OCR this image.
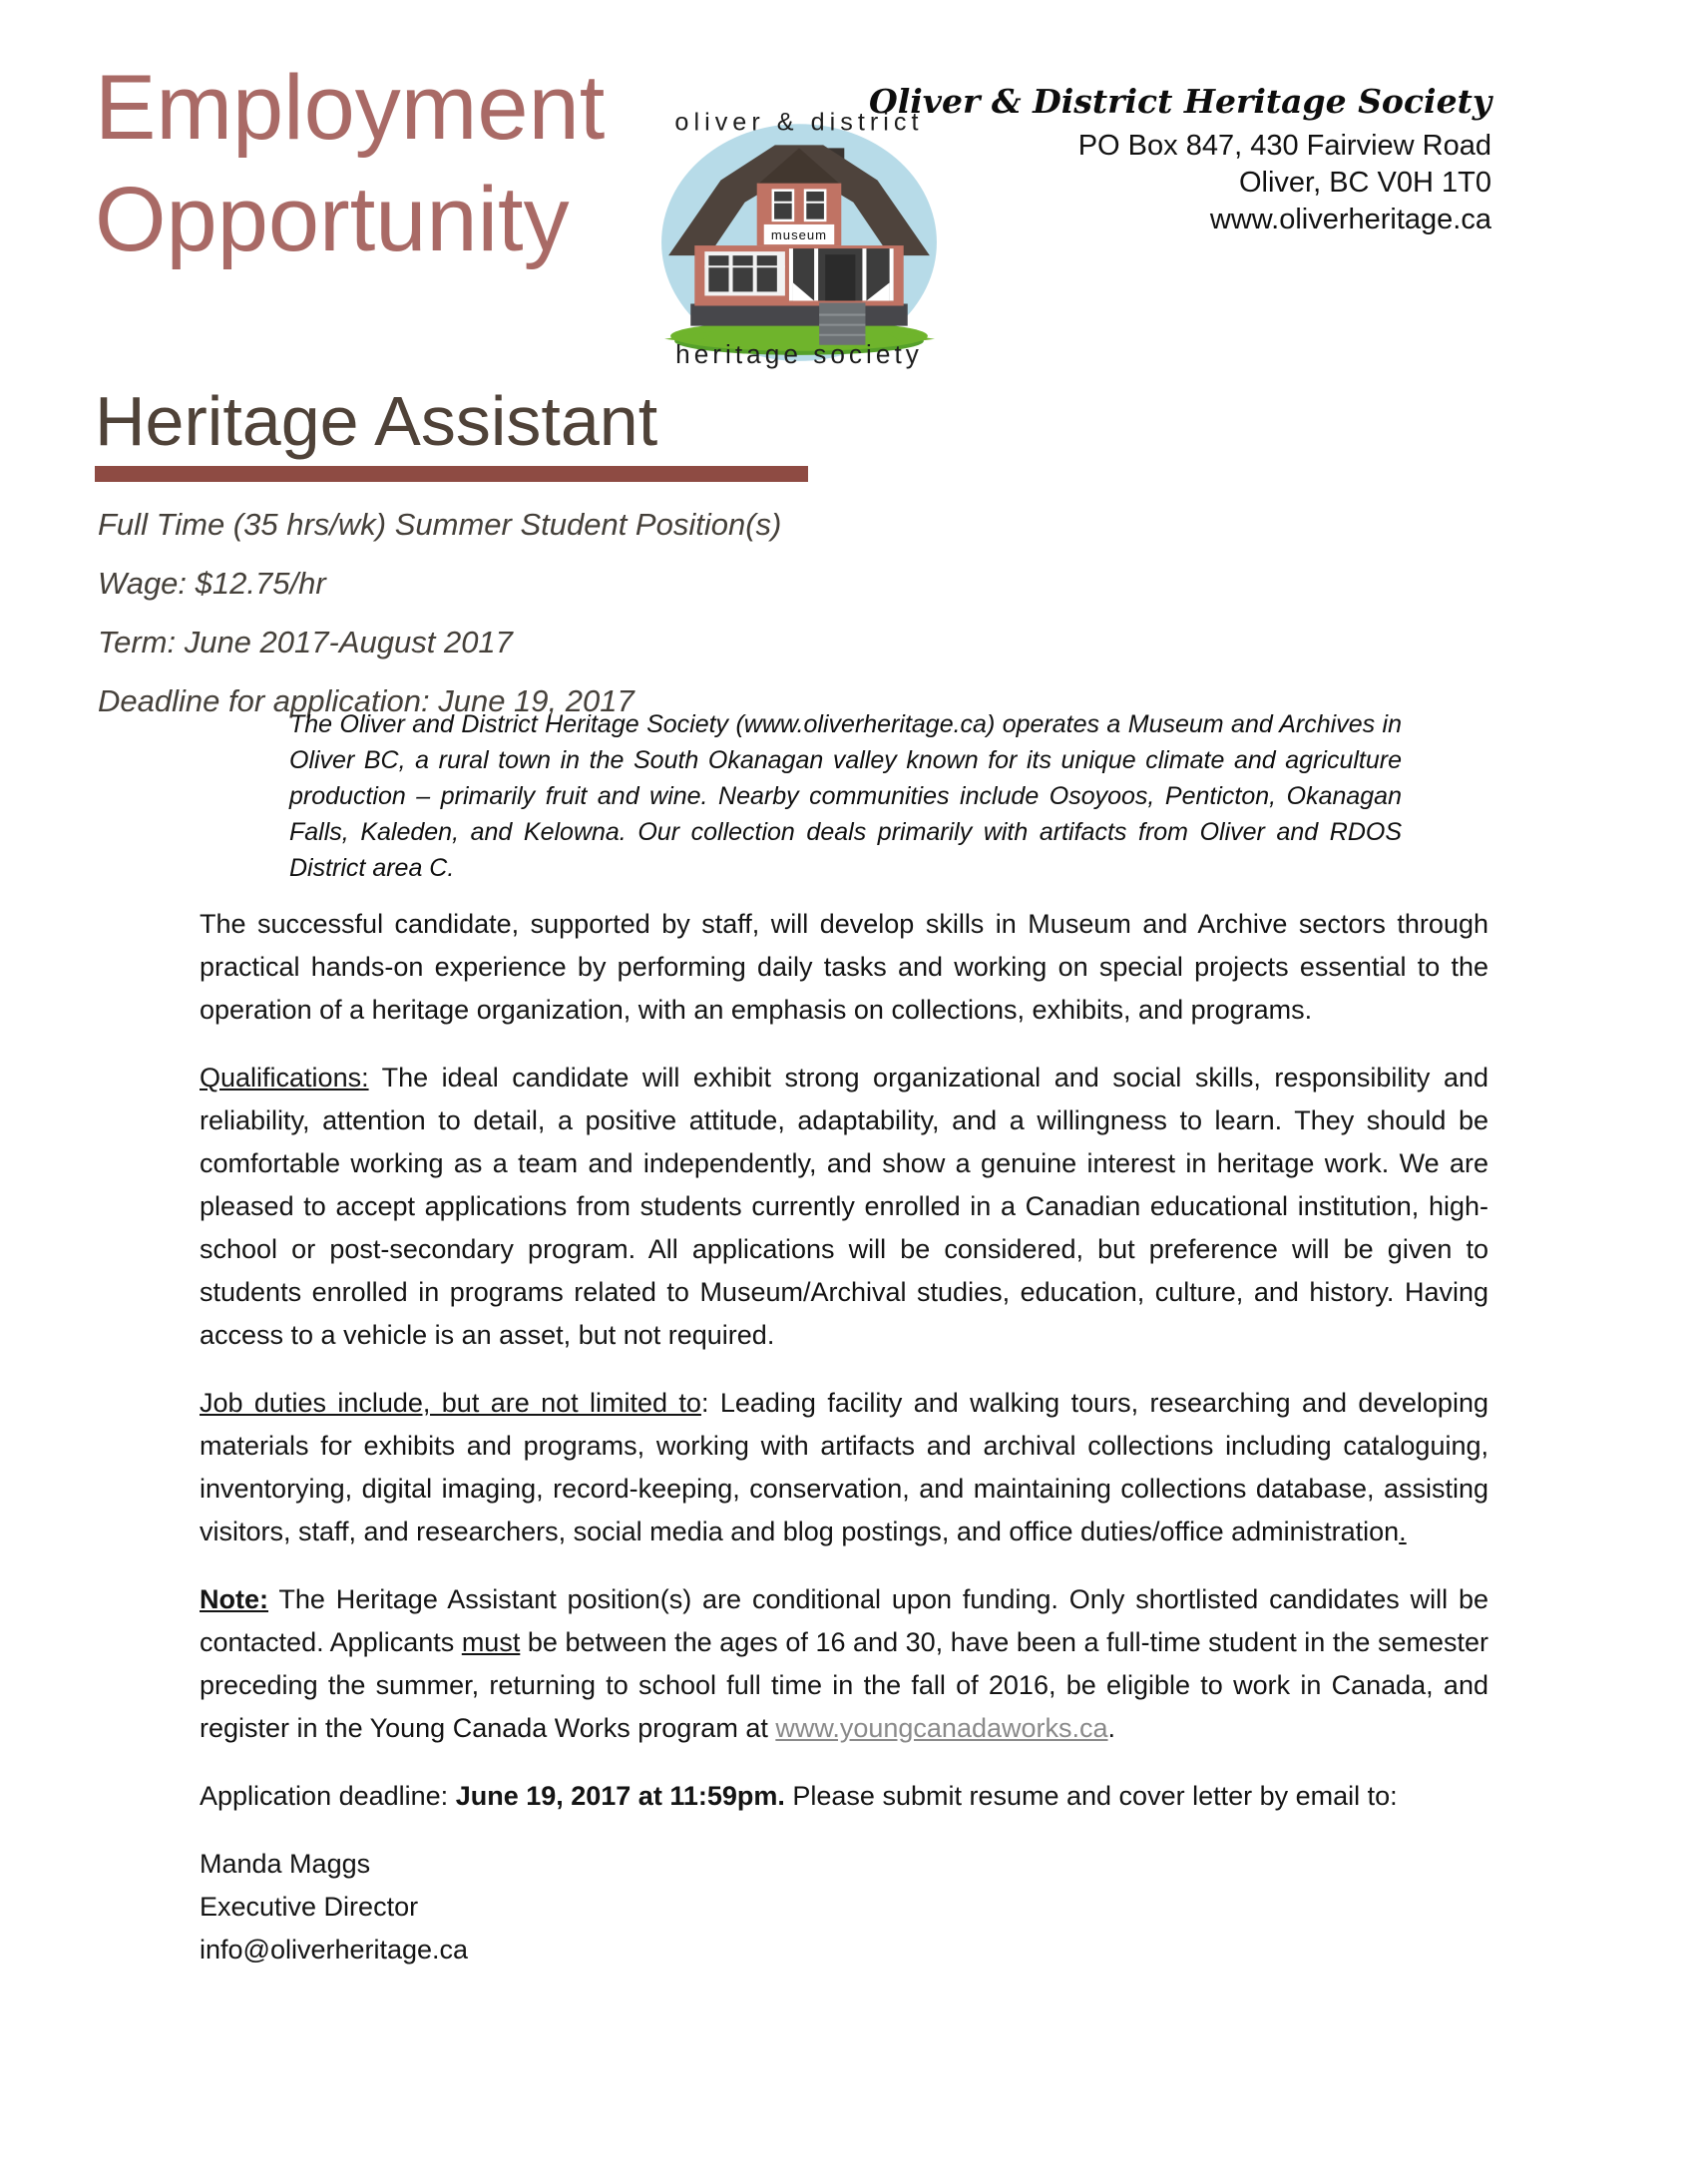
Employment
Opportunity	museum
oliver & district
heritage society
Oliver & District Heritage Society
PO Box 847, 430 Fairview Road
Oliver, BC V0H 1T0
www.oliverheritage.ca
Heritage Assistant
Full Time (35 hrs/wk) Summer Student Position(s)
Wage: $12.75/hr
Term: June 2017-August 2017
Deadline for application: June 19, 2017
The Oliver and District Heritage Society (www.oliverheritage.ca) operates a Museum and Archives in Oliver BC, a rural town in the South Okanagan valley known for its unique climate and agriculture production – primarily fruit and wine. Nearby communities include Osoyoos, Penticton, Okanagan Falls, Kaleden, and Kelowna. Our collection deals primarily with artifacts from Oliver and RDOS District area C.

The successful candidate, supported by staff, will develop skills in Museum and Archive sectors through practical hands-on experience by performing daily tasks and working on special projects essential to the operation of a heritage organization, with an emphasis on collections, exhibits, and programs.

Qualifications: The ideal candidate will exhibit strong organizational and social skills, responsibility and reliability, attention to detail, a positive attitude, adaptability, and a willingness to learn. They should be comfortable working as a team and independently, and show a genuine interest in heritage work. We are pleased to accept applications from students currently enrolled in a Canadian educational institution, high-school or post-secondary program. All applications will be considered, but preference will be given to students enrolled in programs related to Museum/Archival studies, education, culture, and history. Having access to a vehicle is an asset, but not required.

Job duties include, but are not limited to: Leading facility and walking tours, researching and developing materials for exhibits and programs, working with artifacts and archival collections including cataloguing, inventorying, digital imaging, record-keeping, conservation, and maintaining collections database, assisting visitors, staff, and researchers, social media and blog postings, and office duties/office administration.

Note: The Heritage Assistant position(s) are conditional upon funding. Only shortlisted candidates will be contacted. Applicants must be between the ages of 16 and 30, have been a full-time student in the semester preceding the summer, returning to school full time in the fall of 2016, be eligible to work in Canada, and register in the Young Canada Works program at www.youngcanadaworks.ca.

Application deadline: June 19, 2017 at 11:59pm. Please submit resume and cover letter by email to:

Manda Maggs
Executive Director
info@oliverheritage.ca
